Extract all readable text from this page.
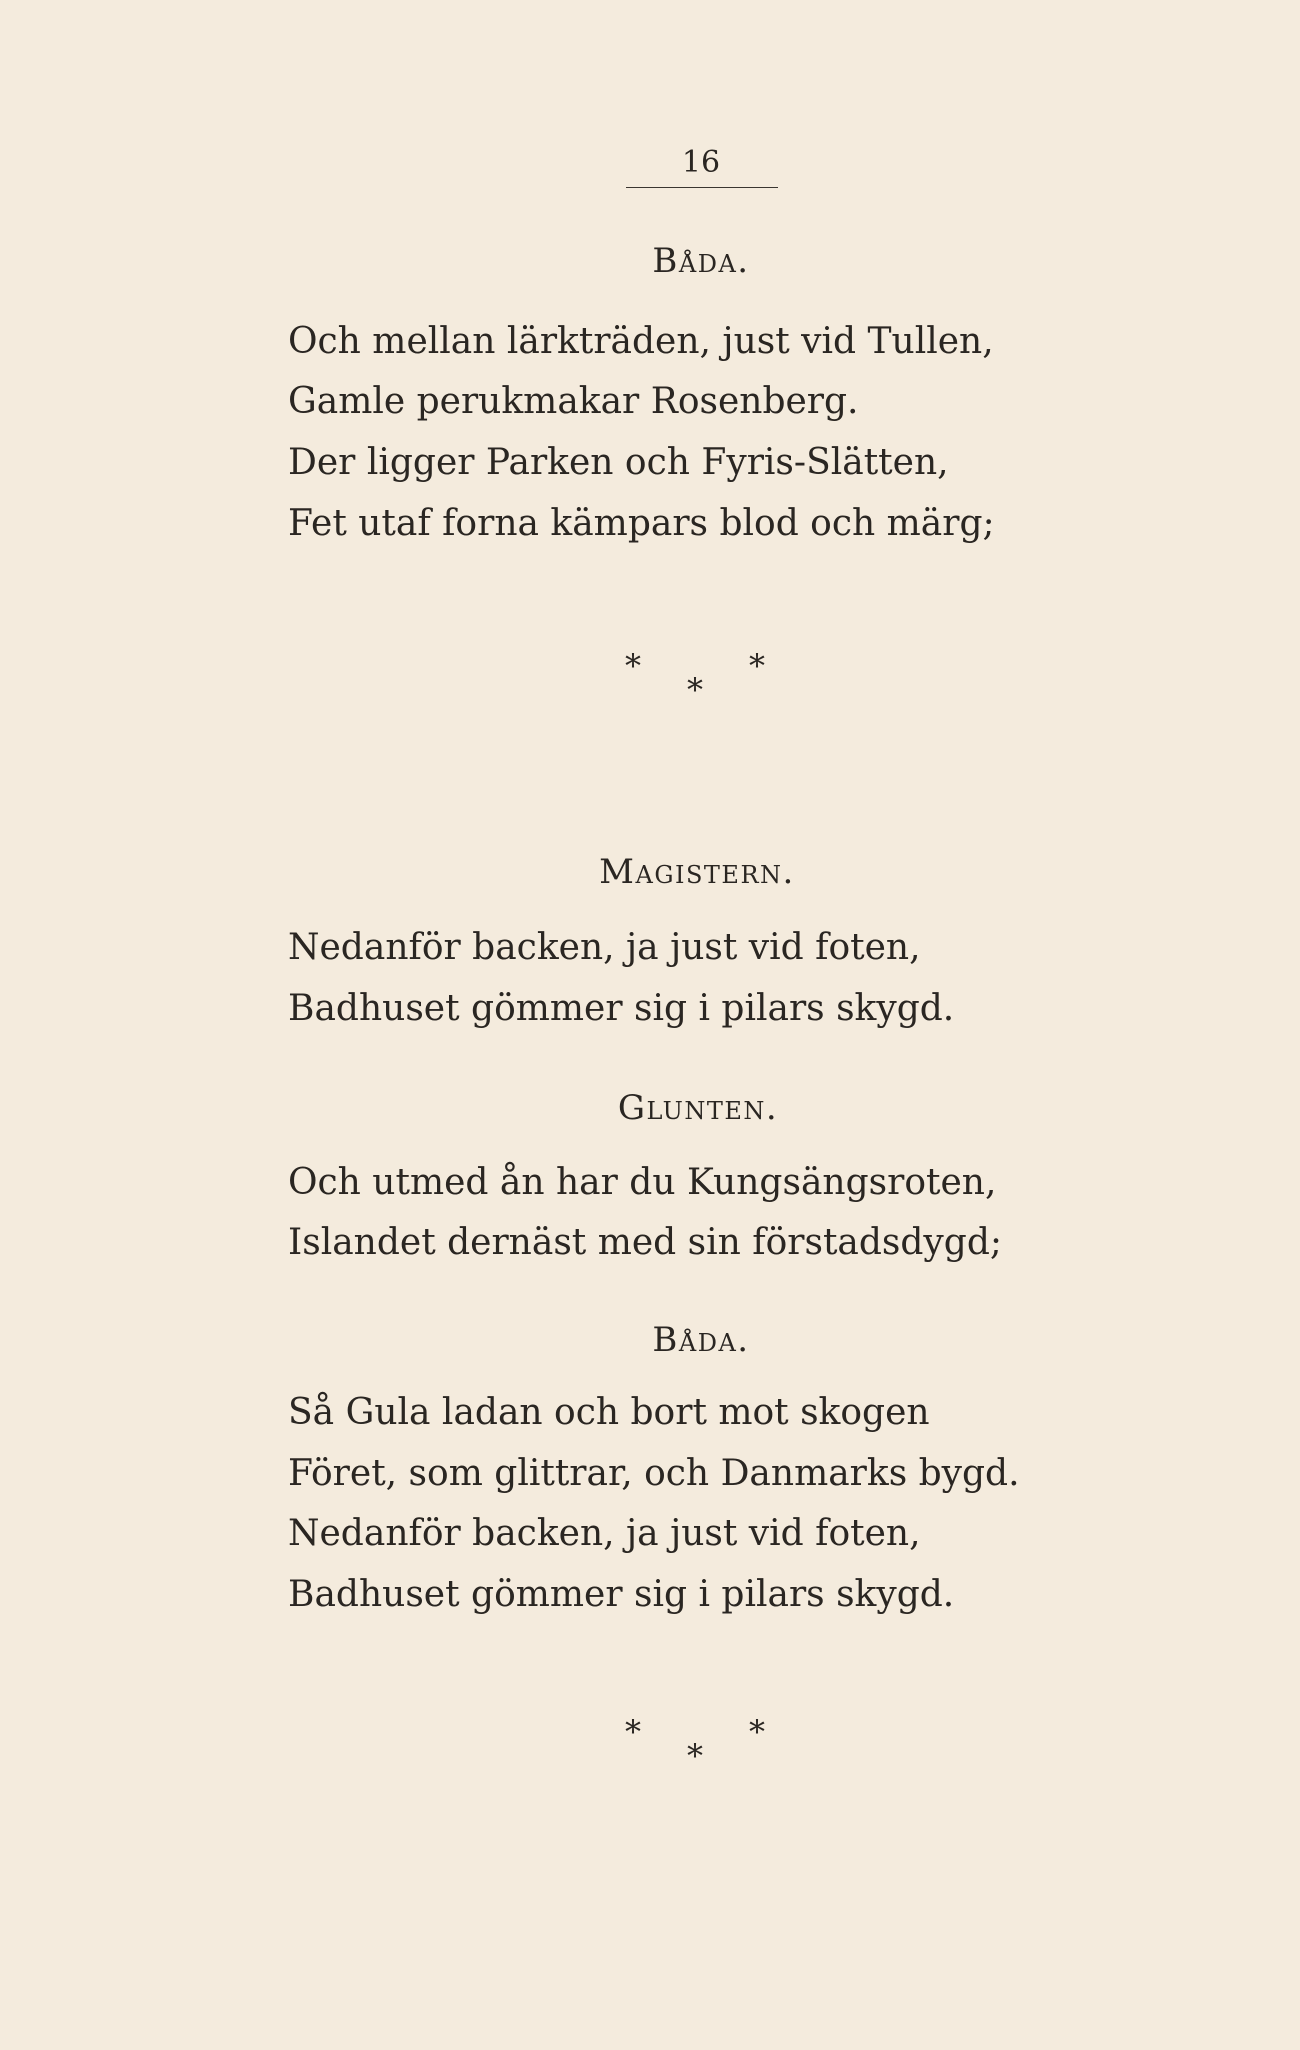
16
Båda.
Och mellan lärkträden, just vid Tullen,
Gamle perukmakar Rosenberg.
Der ligger Parken och Fyris-Slätten,
Fet utaf forna kämpars blod och märg;
*
*
*
Magistern.
Nedanför backen, ja just vid foten,
Badhuset gömmer sig i pilars skygd.
Glunten.
Och utmed ån har du Kungsängsroten,
Islandet dernäst med sin förstadsdygd;
Båda.
Så Gula ladan och bort mot skogen
Föret, som glittrar, och Danmarks bygd.
Nedanför backen, ja just vid foten,
Badhuset gömmer sig i pilars skygd.
*
*
*
